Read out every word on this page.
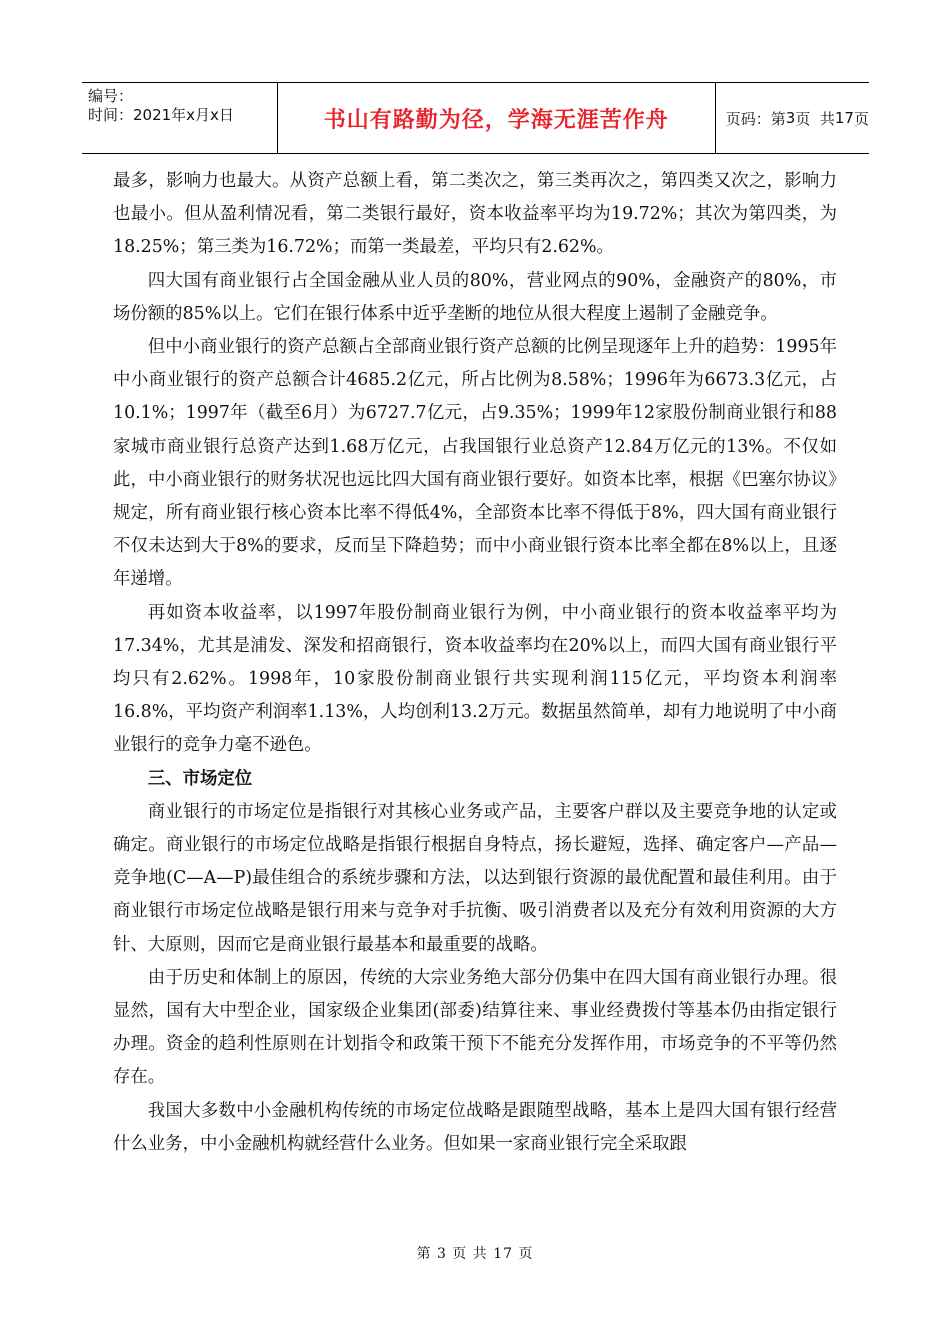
编号：
时间：2021年x月x日	书山有路勤为径，学海无涯苦作舟	页码：第 3 页  共 17 页

最多，影响力也最大。从资产总额上看，第二类次之，第三类再次之，第四类又次之，影响力也最小。但从盈利情况看，第二类银行最好，资本收益率平均为19.72%；其次为第四类，为18.25%；第三类为16.72%；而第一类最差，平均只有2.62%。

四大国有商业银行占全国金融从业人员的80%，营业网点的90%，金融资产的80%，市场份额的85%以上。它们在银行体系中近乎垄断的地位从很大程度上遏制了金融竞争。

但中小商业银行的资产总额占全部商业银行资产总额的比例呈现逐年上升的趋势：1995年中小商业银行的资产总额合计4685.2亿元，所占比例为8.58%；1996年为6673.3亿元，占10.1%；1997年（截至6月）为6727.7亿元，占9.35%；1999年12家股份制商业银行和88家城市商业银行总资产达到1.68万亿元，占我国银行业总资产12.84万亿元的13%。不仅如此，中小商业银行的财务状况也远比四大国有商业银行要好。如资本比率，根据《巴塞尔协议》规定，所有商业银行核心资本比率不得低4%，全部资本比率不得低于8%，四大国有商业银行不仅未达到大于8%的要求，反而呈下降趋势；而中小商业银行资本比率全都在8%以上，且逐年递增。

再如资本收益率，以1997年股份制商业银行为例，中小商业银行的资本收益率平均为17.34%，尤其是浦发、深发和招商银行，资本收益率均在20%以上，而四大国有商业银行平均只有2.62%。1998年，10家股份制商业银行共实现利润115亿元，平均资本利润率16.8%，平均资产利润率1.13%，人均创利13.2万元。数据虽然简单，却有力地说明了中小商业银行的竞争力毫不逊色。

三、市场定位

商业银行的市场定位是指银行对其核心业务或产品，主要客户群以及主要竞争地的认定或确定。商业银行的市场定位战略是指银行根据自身特点，扬长避短，选择、确定客户—产品—竞争地(C—A—P)最佳组合的系统步骤和方法，以达到银行资源的最优配置和最佳利用。由于商业银行市场定位战略是银行用来与竞争对手抗衡、吸引消费者以及充分有效利用资源的大方针、大原则，因而它是商业银行最基本和最重要的战略。

由于历史和体制上的原因，传统的大宗业务绝大部分仍集中在四大国有商业银行办理。很显然，国有大中型企业，国家级企业集团(部委)结算往来、事业经费拨付等基本仍由指定银行办理。资金的趋利性原则在计划指令和政策干预下不能充分发挥作用，市场竞争的不平等仍然存在。

我国大多数中小金融机构传统的市场定位战略是跟随型战略，基本上是四大国有银行经营什么业务，中小金融机构就经营什么业务。但如果一家商业银行完全采取跟

第 3 页 共 17 页
